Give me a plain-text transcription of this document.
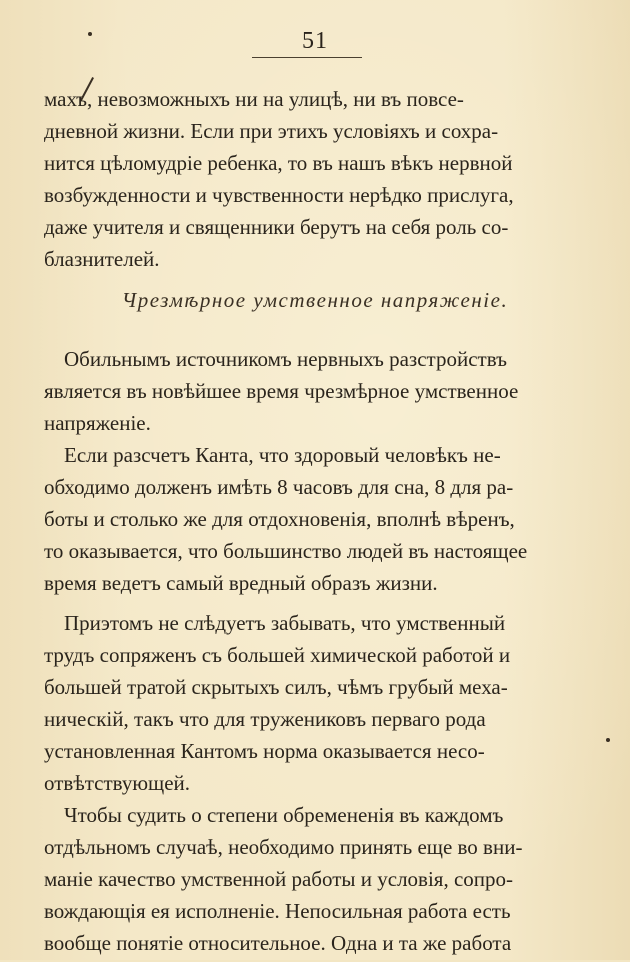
51
махъ, невозможныхъ ни на улицѣ, ни въ повсе-
дневной жизни. Если при этихъ условіяхъ и сохра-
нится цѣломудріе ребенка, то въ нашъ вѣкъ нервной
возбужденности и чувственности нерѣдко прислуга,
даже учителя и священники берутъ на себя роль со-
блазнителей.
Чрезмѣрное умственное напряженіе.
Обильнымъ источникомъ нервныхъ разстройствъ
является въ новѣйшее время чрезмѣрное умственное
напряженіе.
Если разсчетъ Канта, что здоровый человѣкъ не-
обходимо долженъ имѣть 8 часовъ для сна, 8 для ра-
боты и столько же для отдохновенія, вполнѣ вѣренъ,
то оказывается, что большинство людей въ настоящее
время ведетъ самый вредный образъ жизни.
Приэтомъ не слѣдуетъ забывать, что умственный
трудъ сопряженъ съ большей химической работой и
большей тратой скрытыхъ силъ, чѣмъ грубый меха-
ническій, такъ что для тружениковъ перваго рода
установленная Кантомъ норма оказывается несо-
отвѣтствующей.
Чтобы судить о степени обремененія въ каждомъ
отдѣльномъ случаѣ, необходимо принять еще во вни-
маніе качество умственной работы и условія, сопро-
вождающія ея исполненіе. Непосильная работа есть
вообще понятіе относительное. Одна и та же работа
